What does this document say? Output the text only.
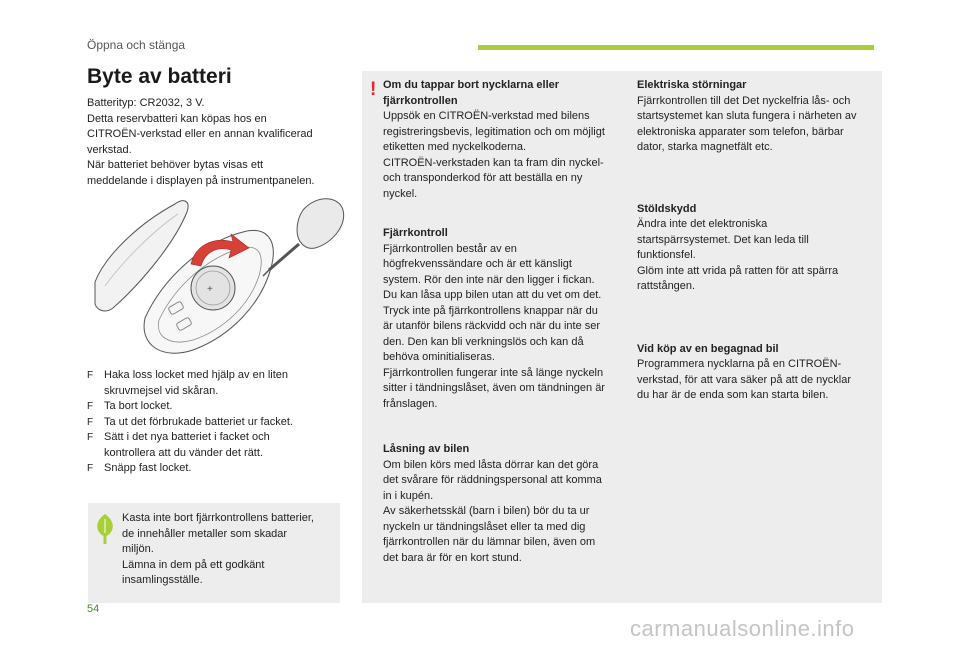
Öppna och stänga
Byte av batteri

Batterityp: CR2032, 3 V.

Detta reservbatteri kan köpas hos en

CITROËN-verkstad eller en annan kvalificerad

verkstad.

När batteriet behöver bytas visas ett

meddelande i displayen på instrumentpanelen.

+
F Haka loss locket med hjälp av en liten
skruvmejsel vid skåran.
F Ta bort locket.
F Ta ut det förbrukade batteriet ur facket.
F Sätt i det nya batteriet i facket och
kontrollera att du vänder det rätt.
F Snäpp fast locket.

Kasta inte bort fjärrkontrollens batterier,

de innehåller metaller som skadar

miljön.

Lämna in dem på ett godkänt

insamlingsställe.

! Om du tappar bort nycklarna eller

fjärrkontrollen

Uppsök en CITROËN-verkstad med bilens

registreringsbevis, legitimation och om möjligt

etiketten med nyckelkoderna.

CITROËN-verkstaden kan ta fram din nyckel-

och transponderkod för att beställa en ny

nyckel.

Fjärrkontroll

Fjärrkontrollen består av en

högfrekvenssändare och är ett känsligt

system. Rör den inte när den ligger i fickan.

Du kan låsa upp bilen utan att du vet om det.

Tryck inte på fjärrkontrollens knappar när du

är utanför bilens räckvidd och när du inte ser

den. Den kan bli verkningslös och kan då

behöva ominitialiseras.

Fjärrkontrollen fungerar inte så länge nyckeln

sitter i tändningslåset, även om tändningen är

frånslagen.

Låsning av bilen

Om bilen körs med låsta dörrar kan det göra

det svårare för räddningspersonal att komma

in i kupén.

Av säkerhetsskäl (barn i bilen) bör du ta ur

nyckeln ur tändningslåset eller ta med dig

fjärrkontrollen när du lämnar bilen, även om

det bara är för en kort stund.

Elektriska störningar

Fjärrkontrollen till det Det nyckelfria lås- och

startsystemet kan sluta fungera i närheten av

elektroniska apparater som telefon, bärbar

dator, starka magnetfält etc.

Stöldskydd

Ändra inte det elektroniska

startspärrsystemet. Det kan leda till

funktionsfel.

Glöm inte att vrida på ratten för att spärra

rattstången.

Vid köp av en begagnad bil

Programmera nycklarna på en CITROËN-

verkstad, för att vara säker på att de nycklar

du har är de enda som kan starta bilen.

54
carmanualsonline.info
